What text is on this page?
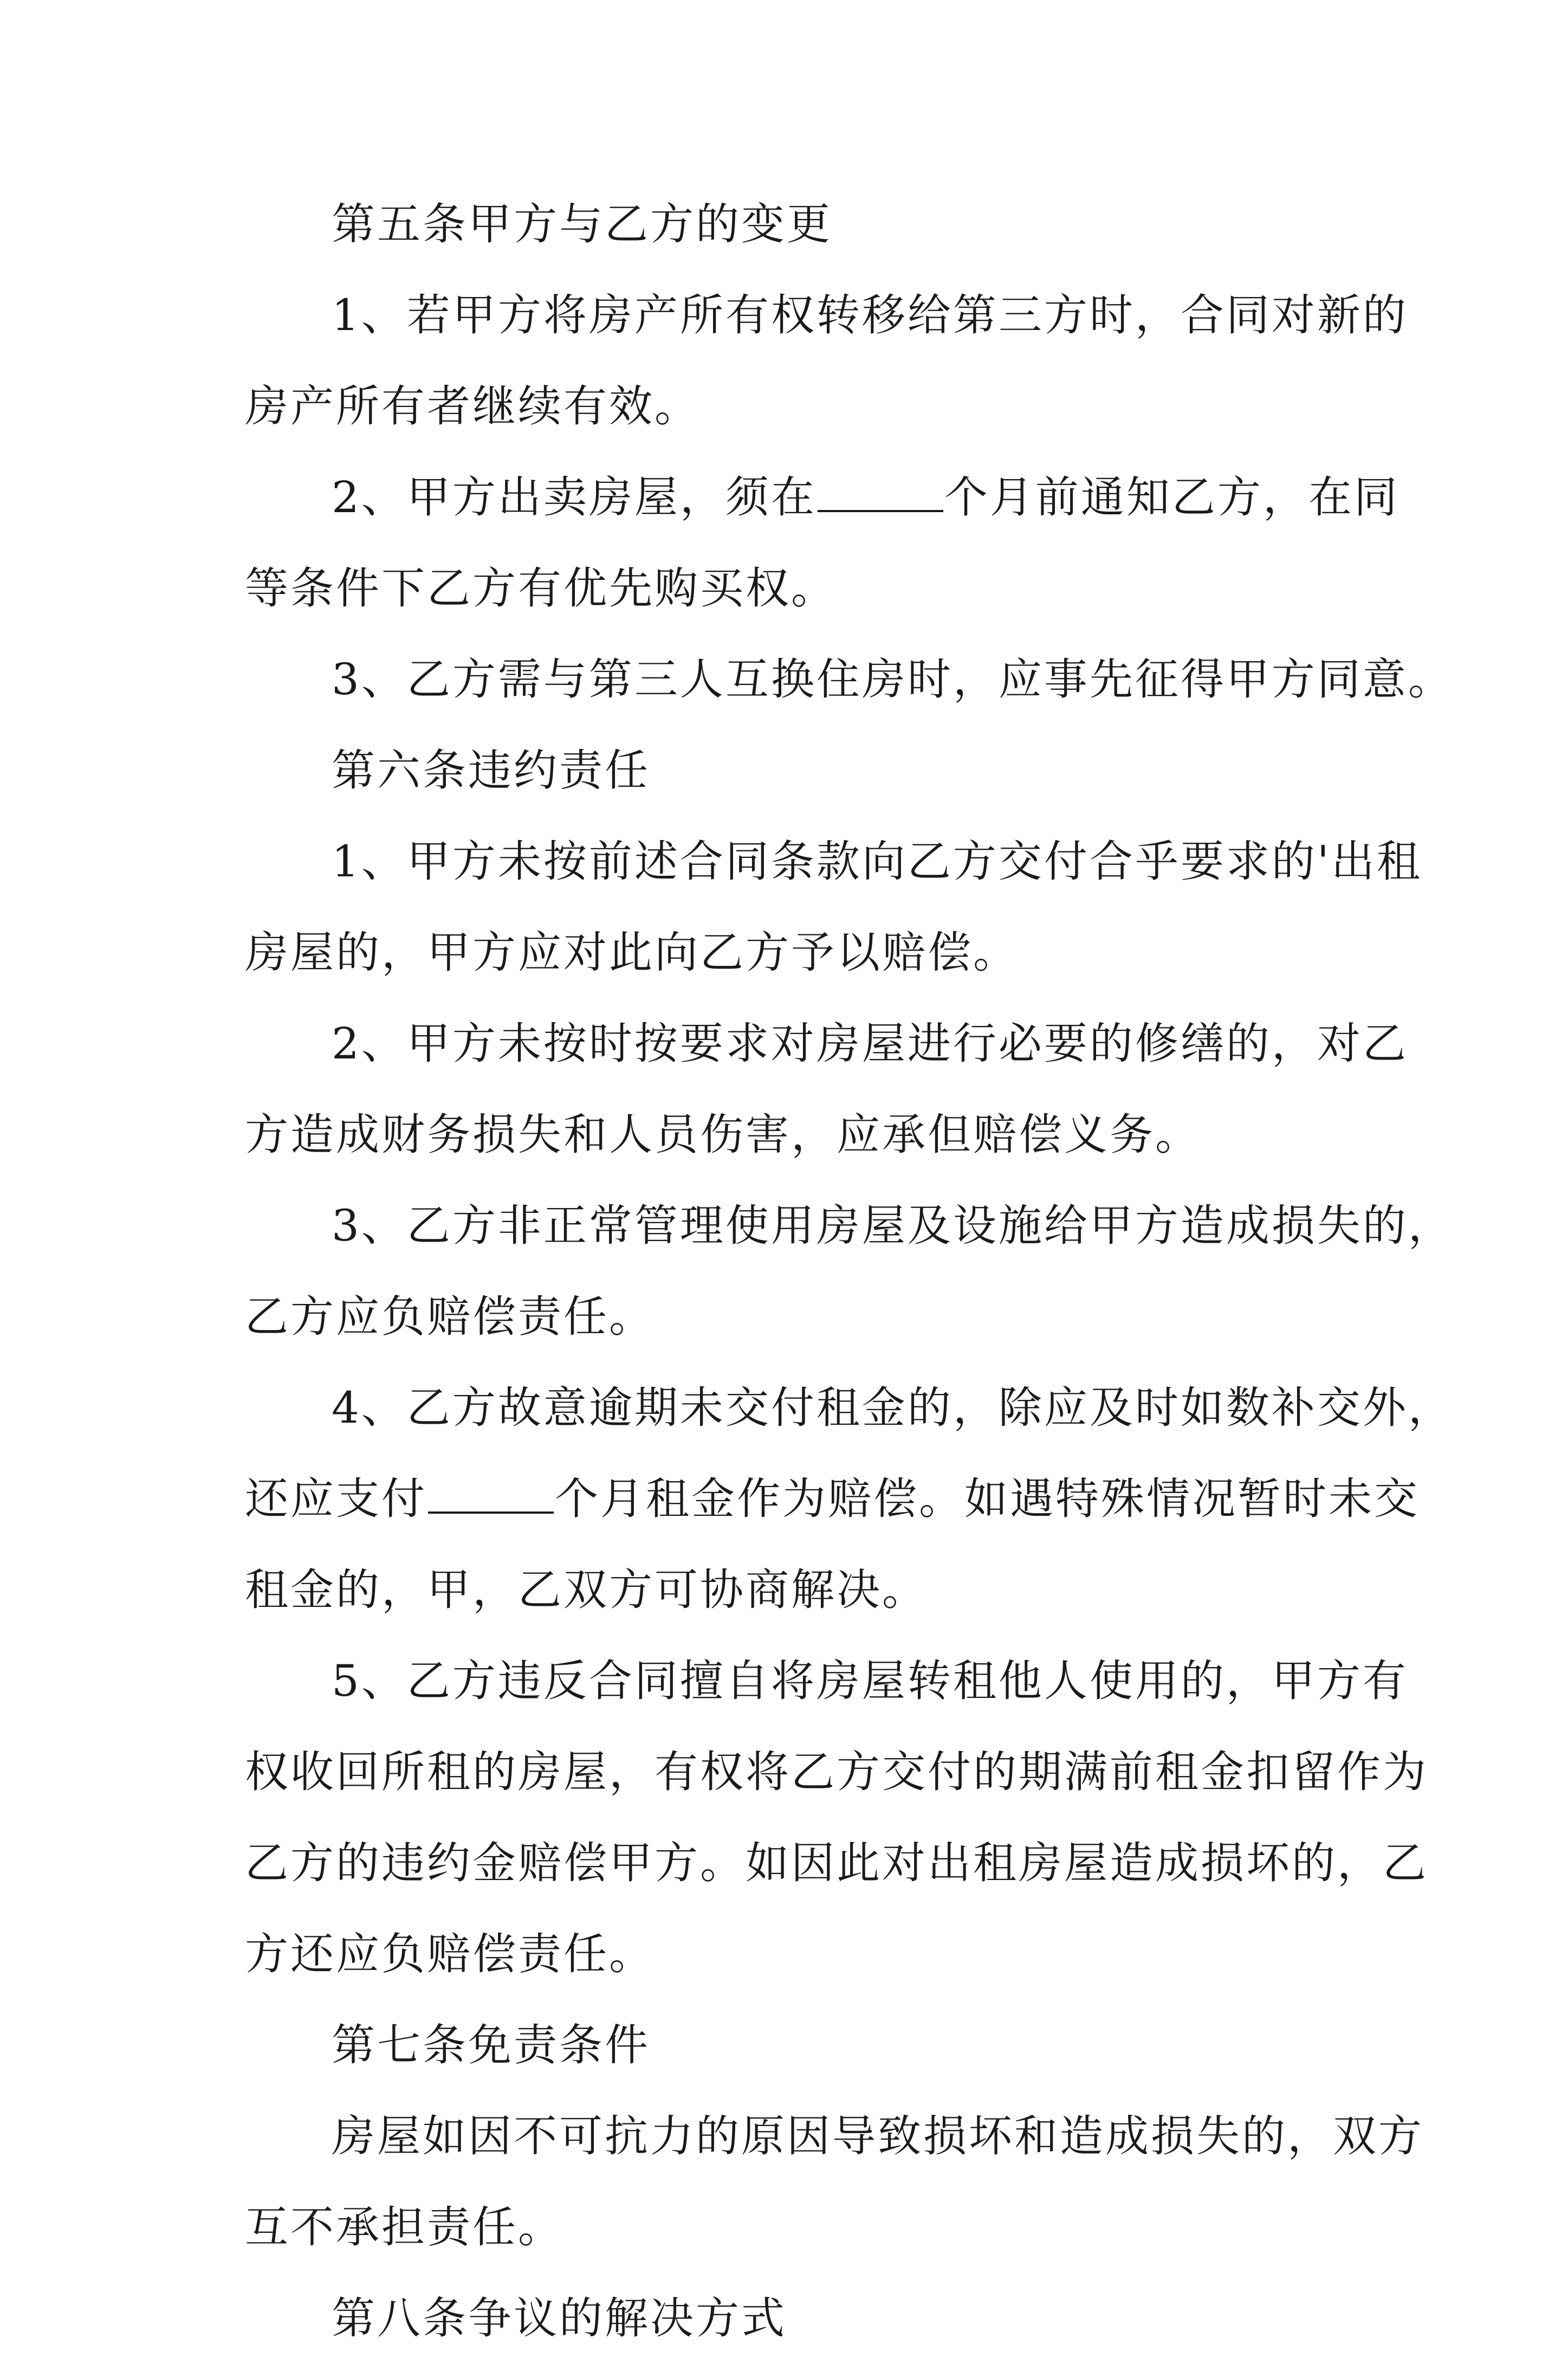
第五条甲方与乙方的变更
1、若甲方将房产所有权转移给第三方时，合同对新的
房产所有者继续有效。
2、甲方出卖房屋，须在	个月前通知乙方，在同
等条件下乙方有优先购买权。
3、乙方需与第三人互换住房时，应事先征得甲方同意。
第六条违约责任
1、甲方未按前述合同条款向乙方交付合乎要求的'出租
房屋的，甲方应对此向乙方予以赔偿。
2、甲方未按时按要求对房屋进行必要的修缮的，对乙
方造成财务损失和人员伤害，应承但赔偿义务。
3、乙方非正常管理使用房屋及设施给甲方造成损失的，
乙方应负赔偿责任。
4、乙方故意逾期未交付租金的，除应及时如数补交外，
还应支付	个月租金作为赔偿。如遇特殊情况暂时未交
租金的，甲，乙双方可协商解决。
5、乙方违反合同擅自将房屋转租他人使用的，甲方有
权收回所租的房屋，有权将乙方交付的期满前租金扣留作为
乙方的违约金赔偿甲方。如因此对出租房屋造成损坏的，乙
方还应负赔偿责任。
第七条免责条件
房屋如因不可抗力的原因导致损坏和造成损失的，双方
互不承担责任。
第八条争议的解决方式
